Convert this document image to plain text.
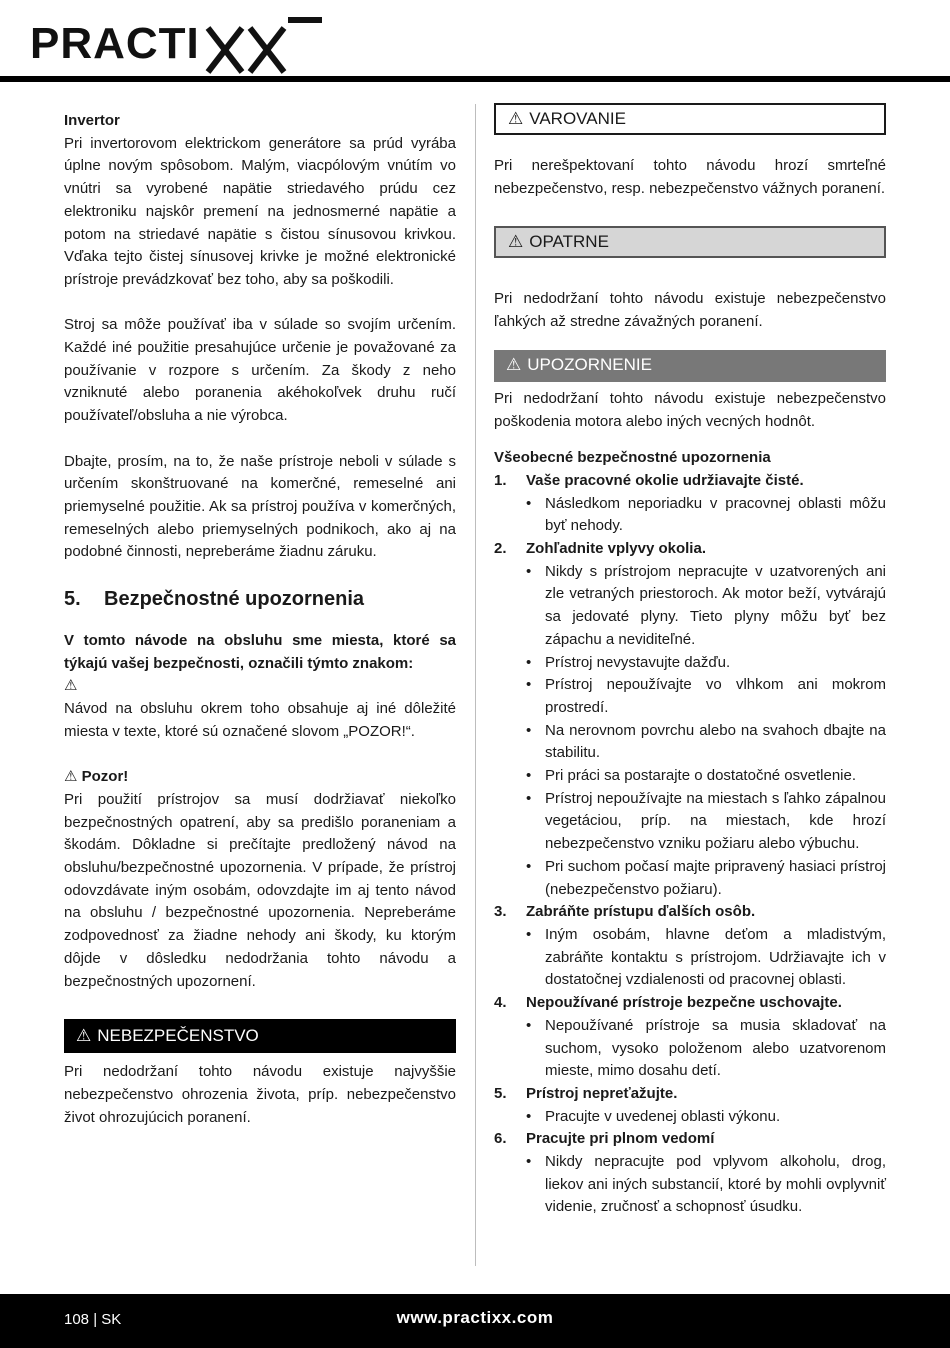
PRACTI

Invertor

Pri invertorovom elektrickom generátore sa prúd vyrába úplne novým spôsobom. Malým, viacpólovým vnútím vo vnútri sa vyrobené napätie striedavého prúdu cez elektroniku najskôr premení na jednosmerné napätie a potom na striedavé napätie s čistou sínusovou krivkou. Vďaka tejto čistej sínusovej krivke je možné elektronické prístroje prevádzkovať bez toho, aby sa poškodili.

Stroj sa môže používať iba v súlade so svojím určením. Každé iné použitie presahujúce určenie je považované za používanie v rozpore s určením. Za škody z neho vzniknuté alebo poranenia akéhokoľvek druhu ručí používateľ/obsluha a nie výrobca.

Dbajte, prosím, na to, že naše prístroje neboli v súlade s určením skonštruované na komerčné, remeselné ani priemyselné použitie. Ak sa prístroj používa v komerčných, remeselných alebo priemyselných podnikoch, ako aj na podobné činnosti, nepreberáme žiadnu záruku.

5.	Bezpečnostné upozornenia

V tomto návode na obsluhu sme miesta, ktoré sa týkajú vašej bezpečnosti, označili týmto znakom:

⚠

Návod na obsluhu okrem toho obsahuje aj iné dôležité miesta v texte, ktoré sú označené slovom „POZOR!“.

⚠ Pozor!

Pri použití prístrojov sa musí dodržiavať niekoľko bezpečnostných opatrení, aby sa predišlo poraneniam a škodám. Dôkladne si prečítajte predložený návod na obsluhu/bezpečnostné upozornenia. V prípade, že prístroj odovzdávate iným osobám, odovzdajte im aj tento návod na obsluhu / bezpečnostné upozornenia. Nepreberáme zodpovednosť za žiadne nehody ani škody, ku ktorým dôjde v dôsledku nedodržania tohto návodu a bezpečnostných upozornení.

⚠ NEBEZPEČENSTVO

Pri nedodržaní tohto návodu existuje najvyššie nebezpečenstvo ohrozenia života, príp. nebezpečenstvo živ​ot ohrozujúcich poranení.

⚠ VAROVANIE

Pri nerešpektovaní tohto návodu hrozí smrteľné nebezpečenstvo, resp. nebezpečenstvo vážnych poranení.

⚠ OPATRNE

Pri nedodržaní tohto návodu existuje nebezpečenstvo ľahkých až stredne závažných poranení.

⚠ UPOZORNENIE

Pri nedodržaní tohto návodu existuje nebezpečenstvo poškodenia motora alebo iných vecných hodnôt.

Všeobecné bezpečnostné upozornenia

1.	Vaše pracovné okolie udržiavajte čisté.
• Následkom neporiadku v pracovnej oblasti môžu byť nehody.
2.	Zohľadnite vplyvy okolia.
• Nikdy s prístrojom nepracujte v uzatvorených ani zle vetraných priestoroch. Ak motor beží, vytvárajú sa jedovaté plyny. Tieto plyny môžu byť bez zápachu a neviditeľné.
• Prístroj nevystavujte dažďu.
• Prístroj nepoužívajte vo vlhkom ani mokrom prostredí.
• Na nerovnom povrchu alebo na svahoch dbajte na stabilitu.
• Pri práci sa postarajte o dostatočné osvetlenie.
• Prístroj nepoužívajte na miestach s ľahko zápalnou vegetáciou, príp. na miestach, kde hrozí nebezpečenstvo vzniku požiaru alebo výbuchu.
• Pri suchom počasí majte pripravený hasiaci prístroj (nebezpečenstvo požiaru).
3.	Zabráňte prístupu ďalších osôb.
• Iným osobám, hlavne deťom a mladistvým, zabráňte kontaktu s prístrojom. Udržiavajte ich v dostatočnej vzdialenosti od pracovnej oblasti.
4.	Nepoužívané prístroje bezpečne uschovajte.
• Nepoužívané prístroje sa musia skladovať na suchom, vysoko položenom alebo uzatvorenom mieste, mimo dosahu detí.
5.	Prístroj nepreťažujte.
• Pracujte v uvedenej oblasti výkonu.
6.	Pracujte pri plnom vedomí
• Nikdy nepracujte pod vplyvom alkoholu, drog, liekov ani iných substancií, ktoré by mohli ovplyvniť videnie, zručnosť a schopnosť úsudku.
108 | SK	www.practixx.com
